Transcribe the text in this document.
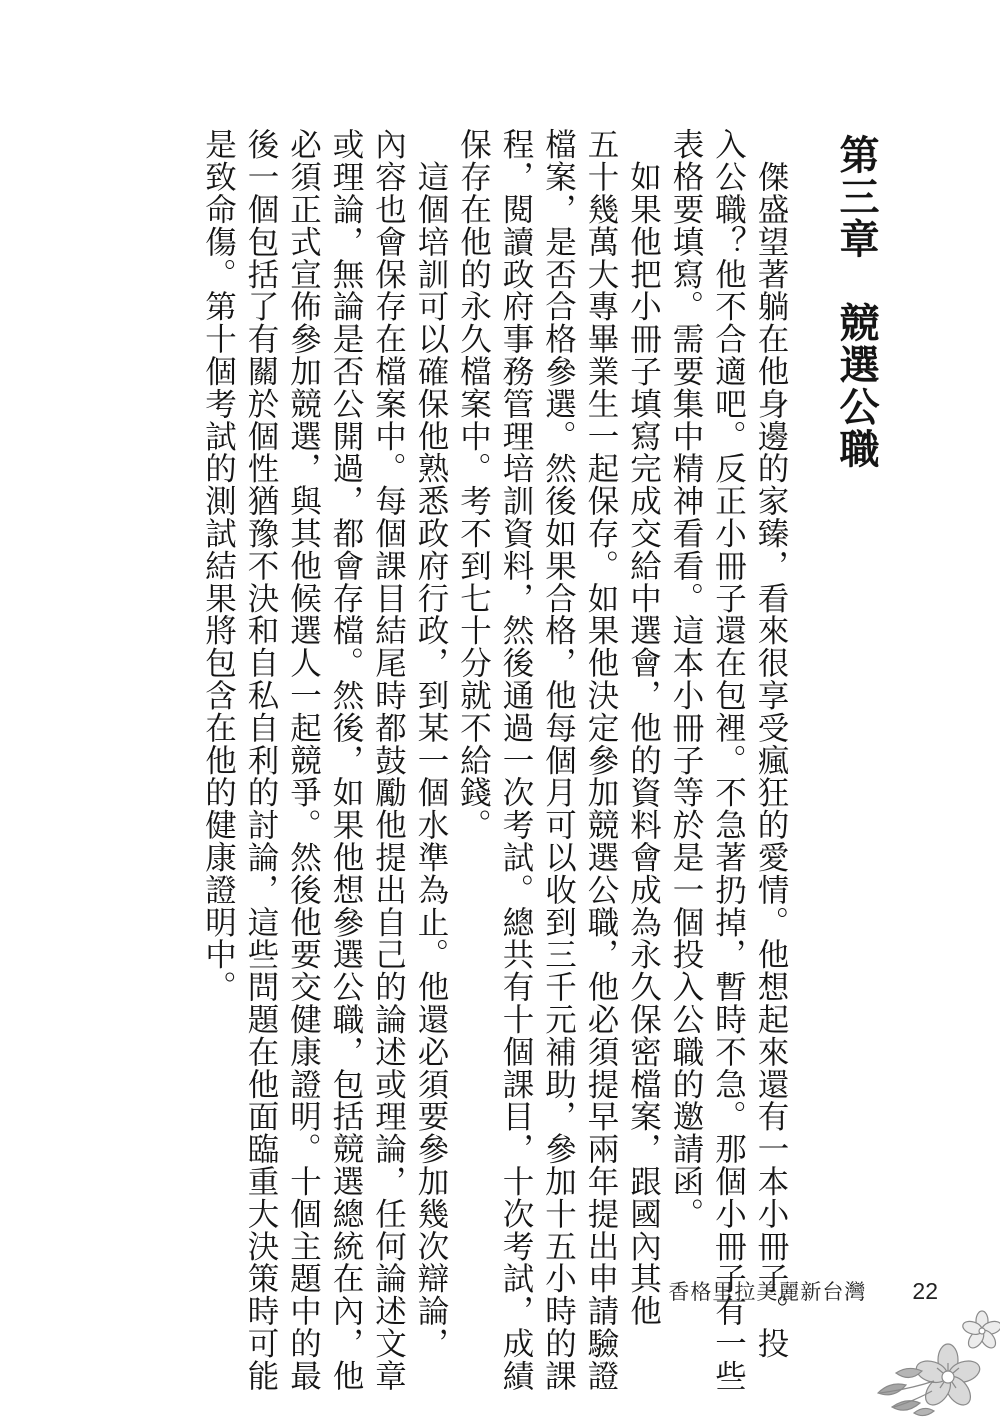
第三章　競選公職
　傑盛望著躺在他身邊的家臻，看來很享受瘋狂的愛情。他想起來還有一本小冊子。投
入公職？他不合適吧。反正小冊子還在包裡。不急著扔掉，暫時不急。那個小冊子有一些
表格要填寫。需要集中精神看看。這本小冊子等於是一個投入公職的邀請函。
　如果他把小冊子填寫完成交給中選會，他的資料會成為永久保密檔案，跟國內其他
五十幾萬大專畢業生一起保存。如果他決定參加競選公職，他必須提早兩年提出申請驗證
檔案，是否合格參選。然後如果合格，他每個月可以收到三千元補助，參加十五小時的課
程，閱讀政府事務管理培訓資料，然後通過一次考試。總共有十個課目，十次考試，成績
保存在他的永久檔案中。考不到七十分就不給錢。
　這個培訓可以確保他熟悉政府行政，到某一個水準為止。他還必須要參加幾次辯論，
內容也會保存在檔案中。每個課目結尾時都鼓勵他提出自己的論述或理論，任何論述文章
或理論，無論是否公開過，都會存檔。然後，如果他想參選公職，包括競選總統在內，他
必須正式宣佈參加競選，與其他候選人一起競爭。然後他要交健康證明。十個主題中的最
後一個包括了有關於個性猶豫不決和自私自利的討論，這些問題在他面臨重大決策時可能
是致命傷。第十個考試的測試結果將包含在他的健康證明中。
香格里拉美麗新台灣 22
